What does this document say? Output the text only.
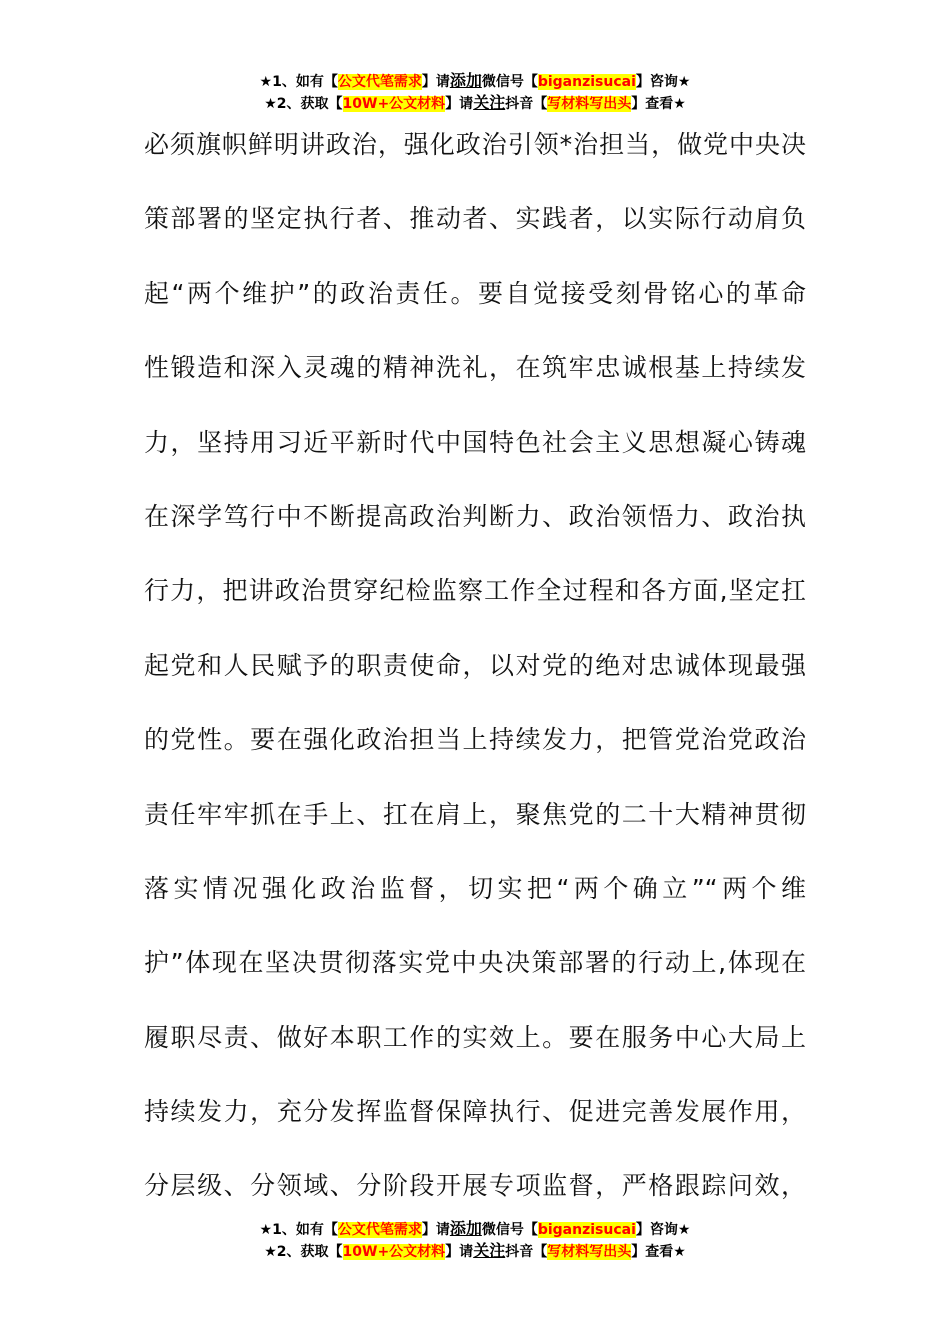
★1、如有【公文代笔需求】请添加微信号【biganzisucai】咨询★
★2、获取【10W+公文材料】请关注抖音【写材料写出头】查看★
必须旗帜鲜明讲政治，强化政治引领*治担当，做党中央决
策部署的坚定执行者、推动者、实践者，以实际行动肩负
起“两个维护”的政治责任。要自觉接受刻骨铭心的革命
性锻造和深入灵魂的精神洗礼，在筑牢忠诚根基上持续发
力，坚持用习近平新时代中国特色社会主义思想凝心铸魂
在深学笃行中不断提高政治判断力、政治领悟力、政治执
行力，把讲政治贯穿纪检监察工作全过程和各方面,坚定扛
起党和人民赋予的职责使命，以对党的绝对忠诚体现最强
的党性。要在强化政治担当上持续发力，把管党治党政治
责任牢牢抓在手上、扛在肩上，聚焦党的二十大精神贯彻
落实情况强化政治监督，切实把“两个确立”“两个维
护”体现在坚决贯彻落实党中央决策部署的行动上,体现在
履职尽责、做好本职工作的实效上。要在服务中心大局上
持续发力，充分发挥监督保障执行、促进完善发展作用，
分层级、分领域、分阶段开展专项监督，严格跟踪问效，
★1、如有【公文代笔需求】请添加微信号【biganzisucai】咨询★
★2、获取【10W+公文材料】请关注抖音【写材料写出头】查看★
